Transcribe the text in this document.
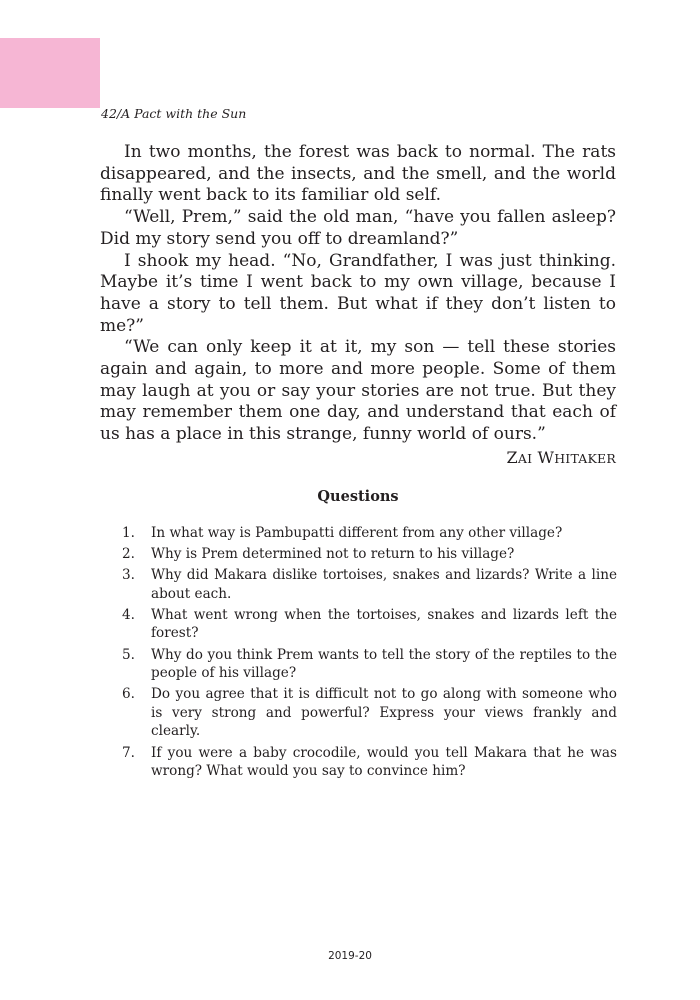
42/A Pact with the Sun

In two months, the forest was back to normal. The rats disappeared, and the insects, and the smell, and the world finally went back to its familiar old self.

“Well, Prem,” said the old man, “have you fallen asleep? Did my story send you off to dreamland?”

I shook my head. “No, Grandfather, I was just thinking. Maybe it’s time I went back to my own village, because I have a story to tell them. But what if they don’t listen to me?”

“We can only keep it at it, my son — tell these stories again and again, to more and more people. Some of them may laugh at you or say your stories are not true. But they may remember them one day, and understand that each of us has a place in this strange, funny world of ours.”

ZAI WHITAKER
Questions
1.	In what way is Pambupatti different from any other village?
2.	Why is Prem determined not to return to his village?
3.	Why did Makara dislike tortoises, snakes and lizards? Write a line about each.
4.	What went wrong when the tortoises, snakes and lizards left the forest?
5.	Why do you think Prem wants to tell the story of the reptiles to the people of his village?
6.	Do you agree that it is difficult not to go along with someone who is very strong and powerful? Express your views frankly and clearly.
7.	If you were a baby crocodile, would you tell Makara that he was wrong? What would you say to convince him?
2019-20
